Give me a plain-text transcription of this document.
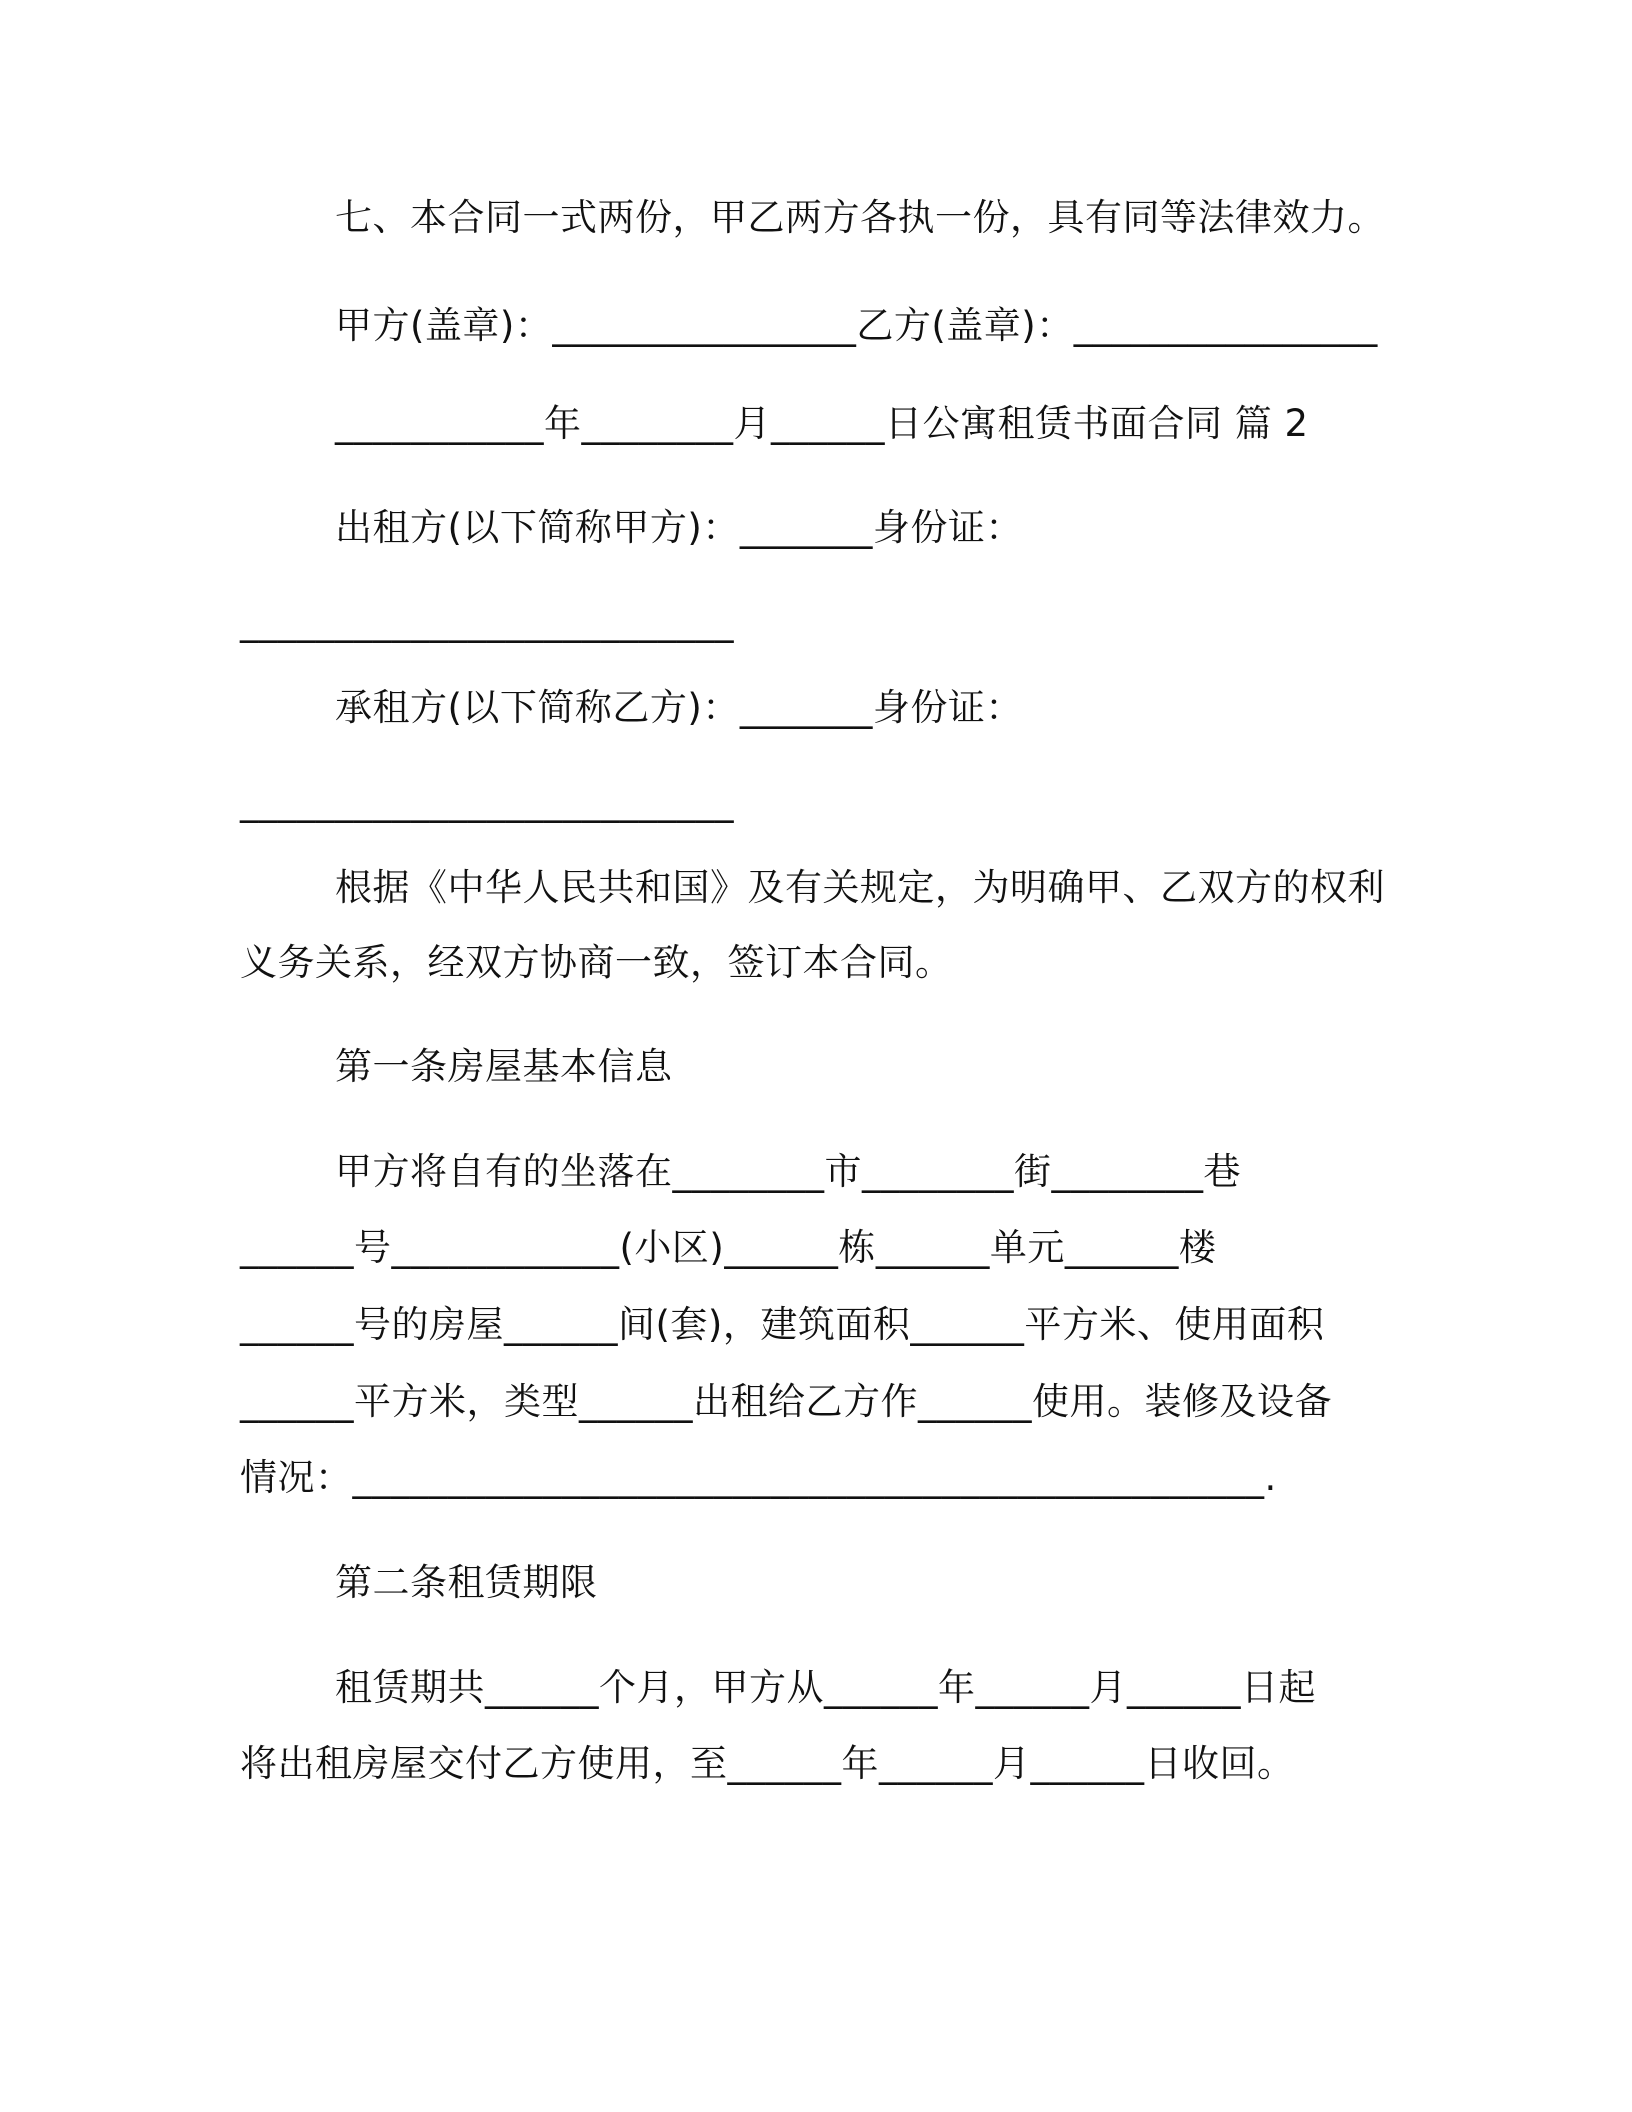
七、本合同一式两份，甲乙两方各执一份，具有同等法律效力。
甲方(盖章)：________________乙方(盖章)：________________
___________年________月______日公寓租赁书面合同 篇 2
出租方(以下简称甲方)：_______身份证：
__________________________
承租方(以下简称乙方)：_______身份证：
__________________________
根据《中华人民共和国》及有关规定，为明确甲、乙双方的权利
义务关系，经双方协商一致，签订本合同。
第一条房屋基本信息
甲方将自有的坐落在________市________街________巷
______号____________(小区)______栋______单元______楼
______号的房屋______间(套)，建筑面积______平方米、使用面积
______平方米，类型______出租给乙方作______使用。装修及设备
情况：________________________________________________.
第二条租赁期限
租赁期共______个月，甲方从______年______月______日起
将出租房屋交付乙方使用，至______年______月______日收回。
